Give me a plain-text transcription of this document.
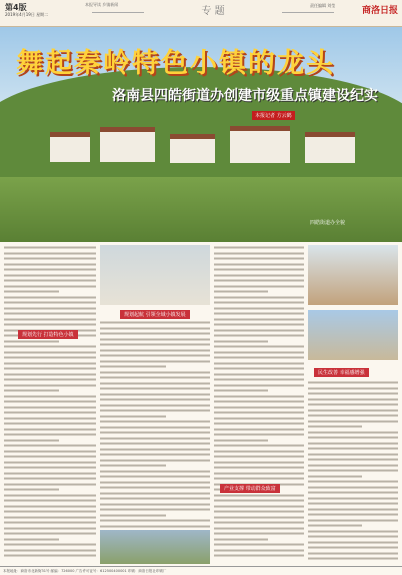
第4版
2019年4月19日 星期二
本报导读 乡镇新闻
专 题
责任编辑 刘莹
商洛日报
舞起秦岭特色小镇的龙头
洛南县四皓街道办创建市级重点镇建设纪实
本报记者 方云鹤
四皓街道办全貌
规划先行 打造特色小镇
规划起航 引领全域小镇发展
产业支撑 带动群众致富
民生改善 幸福感增强
本报地址：商洛市北新街31号 邮编：726000 广告许可证号：612500400001 印刷：商洛日报社印刷厂
